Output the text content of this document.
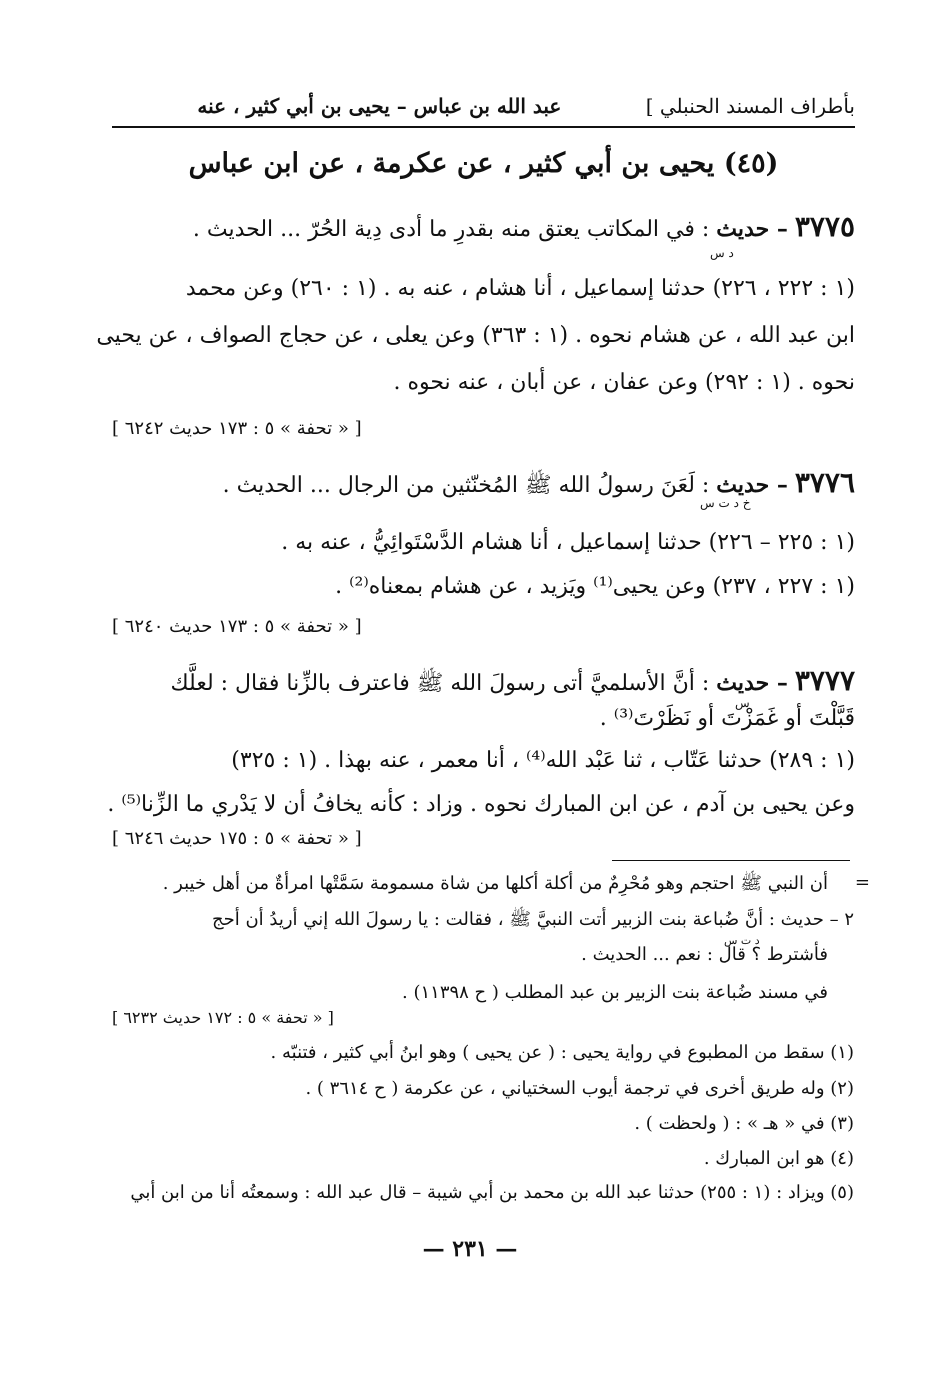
بأطراف المسند الحنبلي ]
عبد الله بن عباس – يحيى بن أبي كثير ، عنه
(٤٥) يحيى بن أبي كثير ، عن عكرمة ، عن ابن عباس
٣٧٧٥ – حديث : في المكاتب يعتق منه بقدرِ ما أدى دِية الحُرّ ... الحديث .
د س
(١ : ٢٢٢ ، ٢٢٦) حدثنا إسماعيل ، أنا هشام ، عنه به . (١ : ٢٦٠) وعن محمد
ابن عبد الله ، عن هشام نحوه . (١ : ٣٦٣) وعن يعلى ، عن حجاج الصواف ، عن يحيى
نحوه . (١ : ٢٩٢) وعن عفان ، عن أبان ، عنه نحوه .
[ « تحفة » ٥ : ١٧٣ حديث ٦٢٤٢ ]
٣٧٧٦ – حديث : لَعَنَ رسولُ الله ﷺ المُخنّثين من الرجال ... الحديث .
خ د ت س
(١ : ٢٢٥ – ٢٢٦) حدثنا إسماعيل ، أنا هشام الدَّسْتَوائِيُّ ، عنه به .
(١ : ٢٢٧ ، ٢٣٧) وعن يحيى⁽¹⁾ ويَزيد ، عن هشام بمعناه⁽²⁾ .
[ « تحفة » ٥ : ١٧٣ حديث ٦٢٤٠ ]
٣٧٧٧ – حديث : أنَّ الأسلميَّ أتى رسولَ الله ﷺ فاعترف بالزِّنا فقال : لعلَّك
س
قَبَّلْتَ أو غَمَزْتَ أو نَظَرْتَ⁽³⁾ .
(١ : ٢٨٩) حدثنا عَتّاب ، ثنا عَبْد الله⁽⁴⁾ ، أنا معمر ، عنه بهذا . (١ : ٣٢٥)
وعن يحيى بن آدم ، عن ابن المبارك نحوه . وزاد : كأنه يخافُ أن لا يَدْري ما الزِّنا⁽⁵⁾ .
[ « تحفة » ٥ : ١٧٥ حديث ٦٢٤٦ ]
=
أن النبي ﷺ احتجم وهو مُحْرِمٌ من أكلة أكلها من شاة مسمومة سَمَّتْها امرأةٌ من أهل خيبر .
٢ – حديث : أنَّ ضُباعة بنت الزبير أتت النبيَّ ﷺ ، فقالت : يا رسولَ الله إني أريدُ أن أحج
د ت س
فأشترط ؟ قال : نعم ... الحديث .
في مسند ضُباعة بنت الزبير بن عبد المطلب ( ح ١١٣٩٨) .
[ « تحفة » ٥ : ١٧٢ حديث ٦٢٣٢ ]
(١) سقط من المطبوع في رواية يحيى : ( عن يحيى ) وهو ابنُ أبي كثير ، فتنبّه .
(٢) وله طريق أخرى في ترجمة أيوب السختياني ، عن عكرمة ( ح ٣٦١٤ ) .
(٣) في « هـ » : ( ولحظت ) .
(٤) هو ابن المبارك .
(٥) ويزاد : (١ : ٢٥٥) حدثنا عبد الله بن محمد بن أبي شيبة – قال عبد الله : وسمعتُه أنا من ابن أبي
— ٢٣١ —
